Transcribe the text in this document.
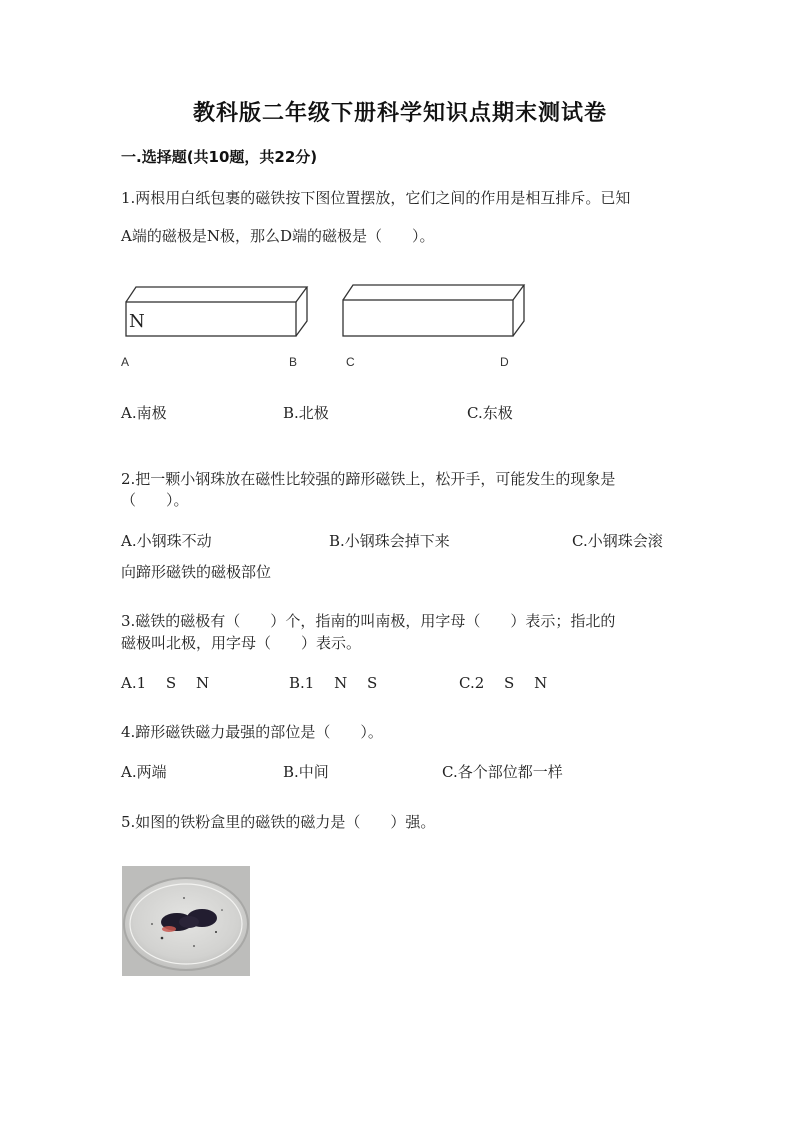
教科版二年级下册科学知识点期末测试卷
一.选择题(共10题，共22分)
1.两根用白纸包裹的磁铁按下图位置摆放，它们之间的作用是相互排斥。已知
A端的磁极是N极，那么D端的磁极是（　　）。
N
A	B	C	D
A.南极	B.北极	C.东极
2.把一颗小钢珠放在磁性比较强的蹄形磁铁上，松开手，可能发生的现象是
（　　）。
A.小钢珠不动	B.小钢珠会掉下来	C.小钢珠会滚
向蹄形磁铁的磁极部位
3.磁铁的磁极有（　　）个，指南的叫南极，用字母（　　）表示；指北的
磁极叫北极，用字母（　　）表示。
A.1　 S　 N	B.1　 N　 S	C.2　 S　 N
4.蹄形磁铁磁力最强的部位是（　　）。
A.两端	B.中间	C.各个部位都一样
5.如图的铁粉盒里的磁铁的磁力是（　　）强。
